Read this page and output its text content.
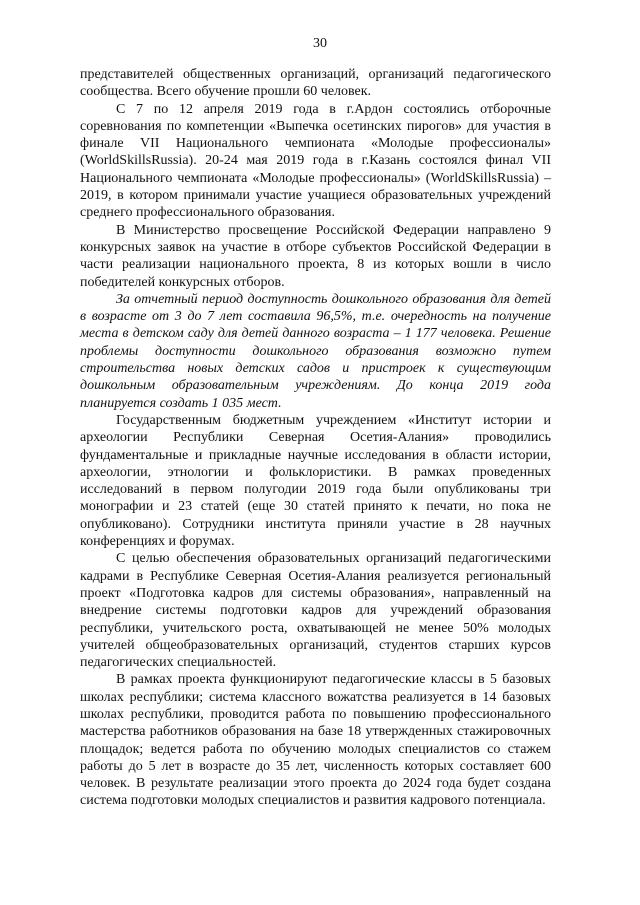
30

представителей общественных организаций, организаций педагогического сообщества. Всего обучение прошли 60 человек.

С 7 по 12 апреля 2019 года в г.Ардон состоялись отборочные соревнования по компетенции «Выпечка осетинских пирогов» для участия в финале VII Национального чемпионата «Молодые профессионалы» (WorldSkillsRussia). 20-24 мая 2019 года в г.Казань состоялся финал VII Национального чемпионата «Молодые профессионалы» (WorldSkillsRussia) – 2019, в котором принимали участие учащиеся образовательных учреждений среднего профессионального образования.

В Министерство просвещение Российской Федерации направлено 9 конкурсных заявок на участие в отборе субъектов Российской Федерации в части реализации национального проекта, 8 из которых вошли в число победителей конкурсных отборов.

За отчетный период доступность дошкольного образования для детей в возрасте от 3 до 7 лет составила 96,5%, т.е. очередность на получение места в детском саду для детей данного возраста – 1 177 человека. Решение проблемы доступности дошкольного образования возможно путем строительства новых детских садов и пристроек к существующим дошкольным образовательным учреждениям. До конца 2019 года планируется создать 1 035 мест.

Государственным бюджетным учреждением «Институт истории и археологии Республики Северная Осетия-Алания» проводились фундаментальные и прикладные научные исследования в области истории, археологии, этнологии и фольклористики. В рамках проведенных исследований в первом полугодии 2019 года были опубликованы три монографии и 23 статей (еще 30 статей принято к печати, но пока не опубликовано). Сотрудники института приняли участие в 28 научных конференциях и форумах.

С целью обеспечения образовательных организаций педагогическими кадрами в Республике Северная Осетия-Алания реализуется региональный проект «Подготовка кадров для системы образования», направленный на внедрение системы подготовки кадров для учреждений образования республики, учительского роста, охватывающей не менее 50% молодых учителей общеобразовательных организаций, студентов старших курсов педагогических специальностей.

В рамках проекта функционируют педагогические классы в 5 базовых школах республики; система классного вожатства реализуется в 14 базовых школах республики, проводится работа по повышению профессионального мастерства работников образования на базе 18 утвержденных стажировочных площадок; ведется работа по обучению молодых специалистов со стажем работы до 5 лет в возрасте до 35 лет, численность которых составляет 600 человек. В результате реализации этого проекта до 2024 года будет создана система подготовки молодых специалистов и развития кадрового потенциала.
